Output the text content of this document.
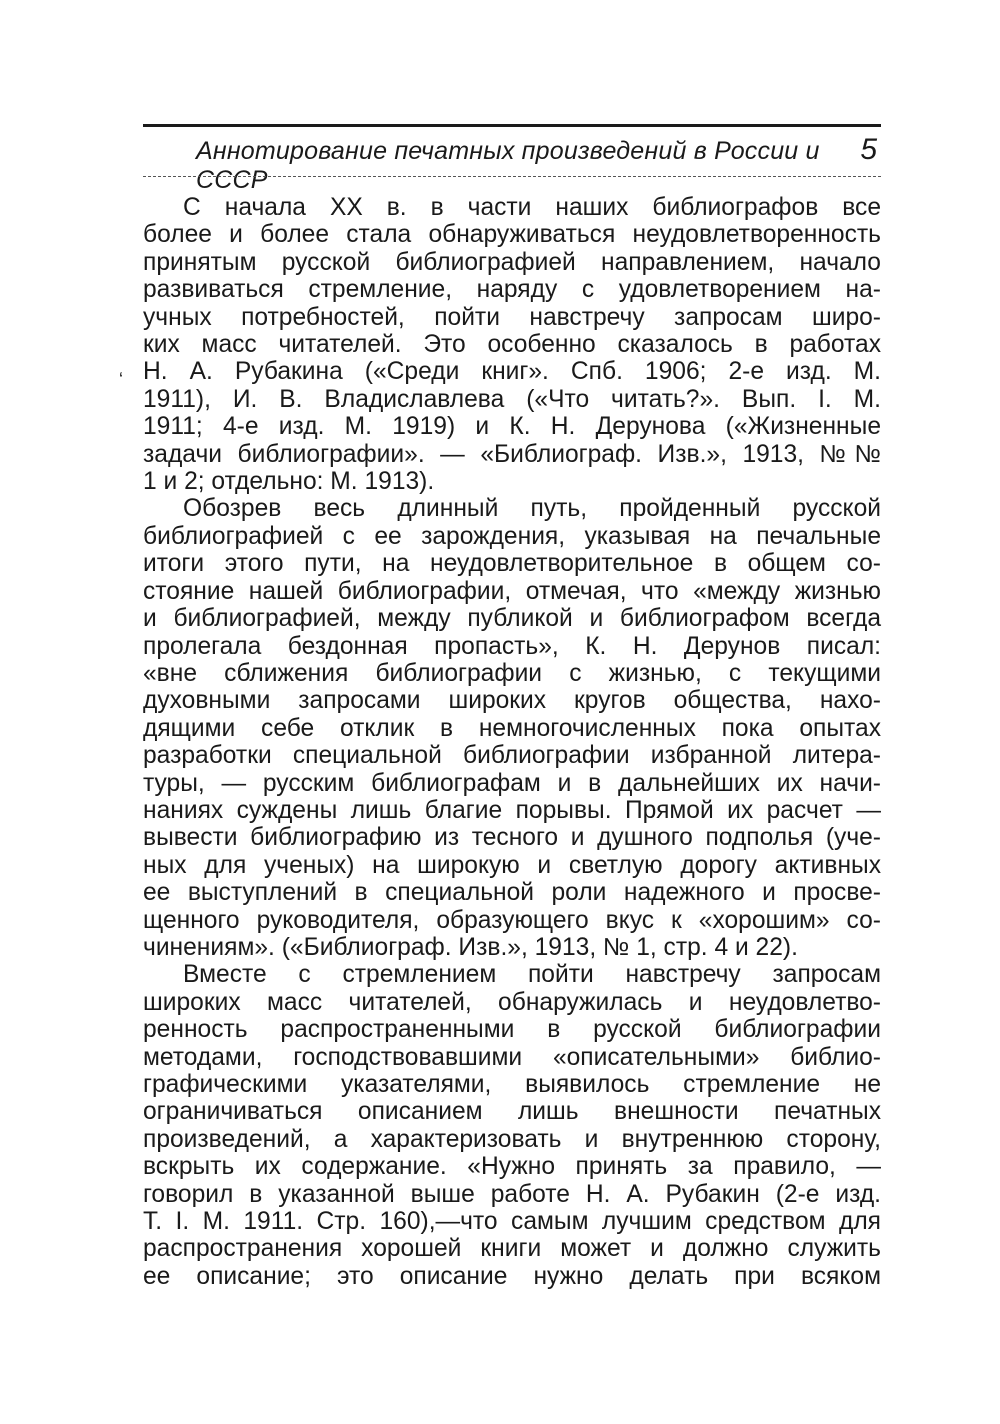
Аннотирование печатных произведений в России и СССР
5
ʻ
С начала XX в. в части наших библиографов все
более и более стала обнаруживаться неудовлетворенность
принятым русской библиографией направлением, начало
развиваться стремление, наряду с удовлетворением на-
учных потребностей, пойти навстречу запросам широ-
ких масс читателей. Это особенно сказалось в работах
Н. А. Рубакина («Среди книг». Спб. 1906; 2-е изд. М.
1911), И. В. Владиславлева («Что читать?». Вып. I. М.
1911; 4-е изд. М. 1919) и К. Н. Дерунова («Жизненные
задачи библиографии». — «Библиограф. Изв.», 1913, №№
1 и 2; отдельно: М. 1913).
Обозрев весь длинный путь, пройденный русской
библиографией с ее зарождения, указывая на печальные
итоги этого пути, на неудовлетворительное в общем со-
стояние нашей библиографии, отмечая, что «между жизнью
и библиографией, между публикой и библиографом всегда
пролегала бездонная пропасть», К. Н. Дерунов писал:
«вне сближения библиографии с жизнью, с текущими
духовными запросами широких кругов общества, нахо-
дящими себе отклик в немногочисленных пока опытах
разработки специальной библиографии избранной литера-
туры, — русским библиографам и в дальнейших их начи-
наниях суждены лишь благие порывы. Прямой их расчет —
вывести библиографию из тесного и душного подполья (уче-
ных для ученых) на широкую и светлую дорогу активных
ее выступлений в специальной роли надежного и просве-
щенного руководителя, образующего вкус к «хорошим» со-
чинениям». («Библиограф. Изв.», 1913, № 1, стр. 4 и 22).
Вместе с стремлением пойти навстречу запросам
широких масс читателей, обнаружилась и неудовлетво-
ренность распространенными в русской библиографии
методами, господствовавшими «описательными» библио-
графическими указателями, выявилось стремление не
ограничиваться описанием лишь внешности печатных
произведений, а характеризовать и внутреннюю сторону,
вскрыть их содержание. «Нужно принять за правило, —
говорил в указанной выше работе Н. А. Рубакин (2-е изд.
Т. I. М. 1911. Стр. 160),—что самым лучшим средством для
распространения хорошей книги может и должно служить
ее описание; это описание нужно делать при всяком
